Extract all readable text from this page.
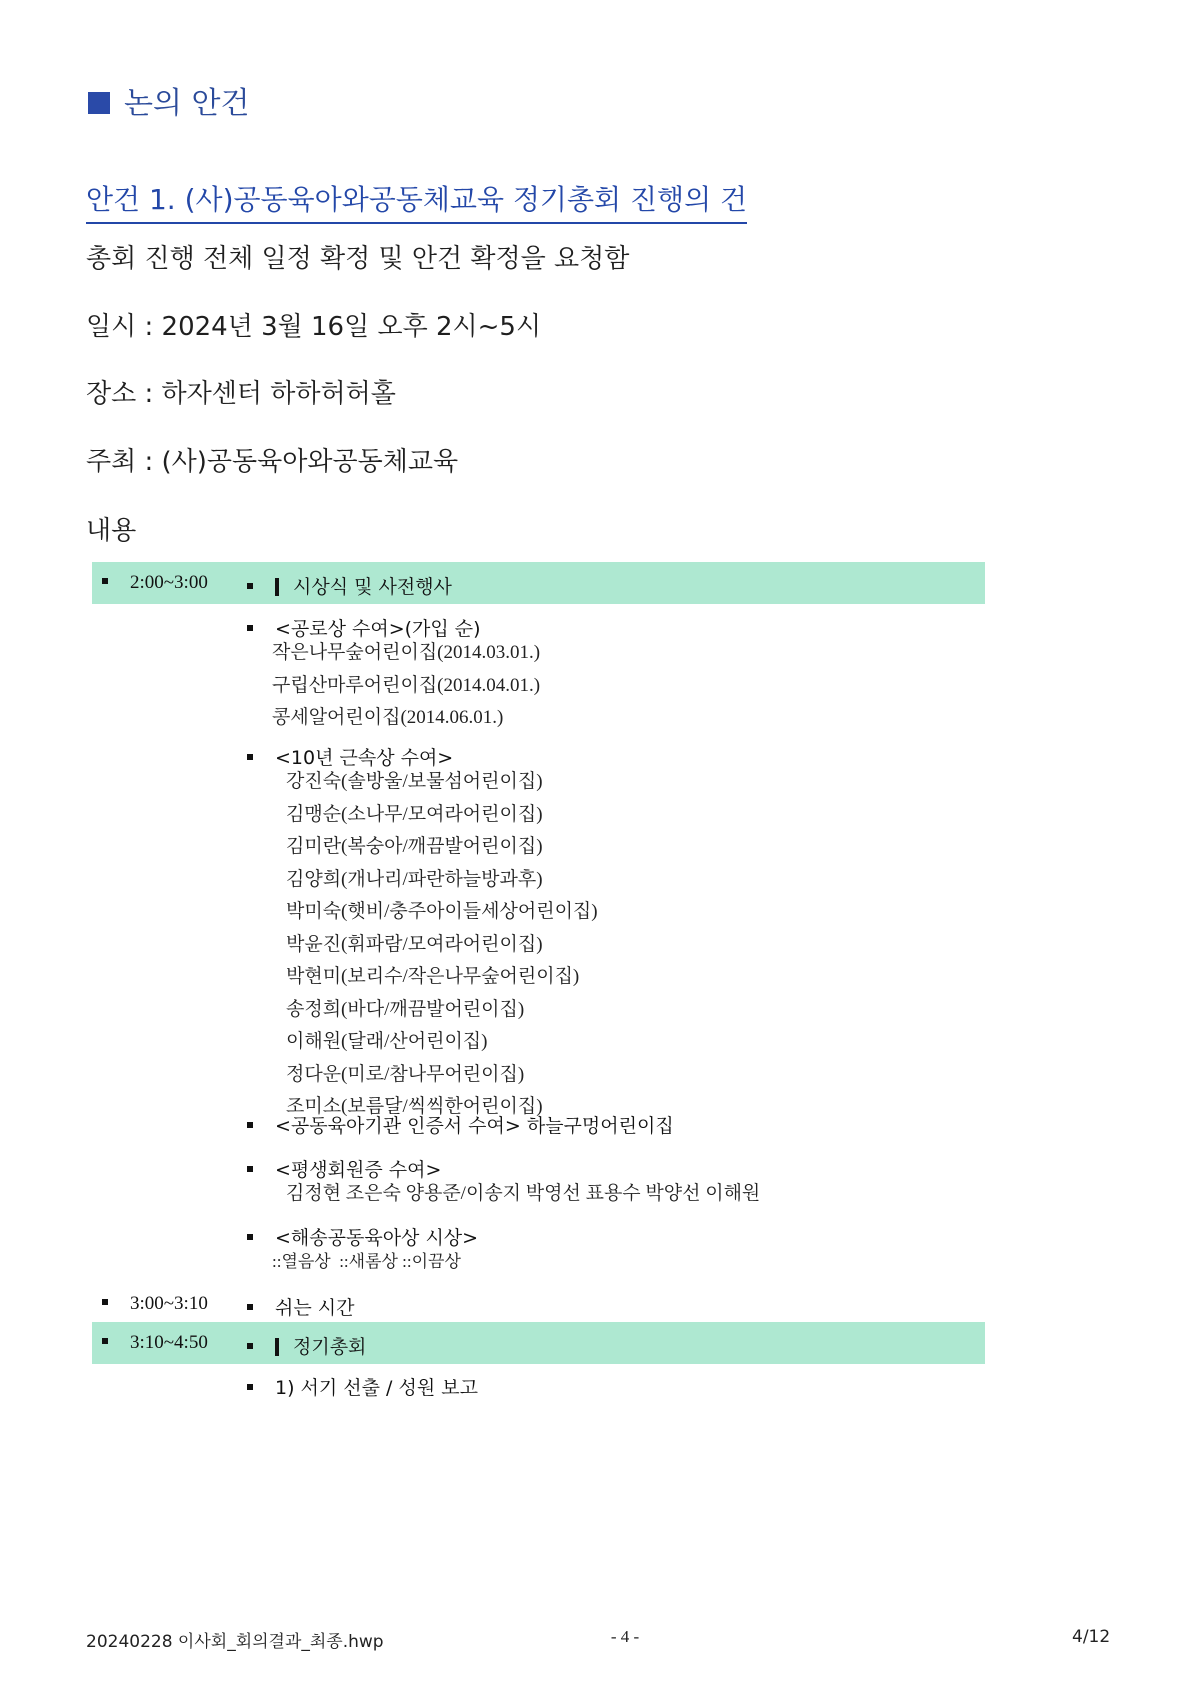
논의 안건
안건 1. (사)공동육아와공동체교육 정기총회 진행의 건
총회 진행 전체 일정 확정 및 안건 확정을 요청함
일시 : 2024년 3월 16일 오후 2시~5시
장소 : 하자센터 하하허허홀
주최 : (사)공동육아와공동체교육
내용
2:00~3:00	시상식 및 사전행사
<공로상 수여>(가입 순)
작은나무숲어린이집(2014.03.01.)
구립산마루어린이집(2014.04.01.)
콩세알어린이집(2014.06.01.)
<10년 근속상 수여>
강진숙(솔방울/보물섬어린이집)
김맹순(소나무/모여라어린이집)
김미란(복숭아/깨끔발어린이집)
김양희(개나리/파란하늘방과후)
박미숙(햇비/충주아이들세상어린이집)
박윤진(휘파람/모여라어린이집)
박현미(보리수/작은나무숲어린이집)
송정희(바다/깨끔발어린이집)
이해원(달래/산어린이집)
정다운(미로/참나무어린이집)
조미소(보름달/씩씩한어린이집)
<공동육아기관 인증서 수여> 하늘구멍어린이집
<평생회원증 수여>
김정현 조은숙 양용준/이송지 박영선 표용수 박양선 이해원
<해송공동육아상 시상>
::열음상  ::새롬상 ::이끔상
3:00~3:10	쉬는 시간
3:10~4:50	정기총회
1) 서기 선출 / 성원 보고
20240228 이사회_회의결과_최종.hwp	- 4 -	4/12
